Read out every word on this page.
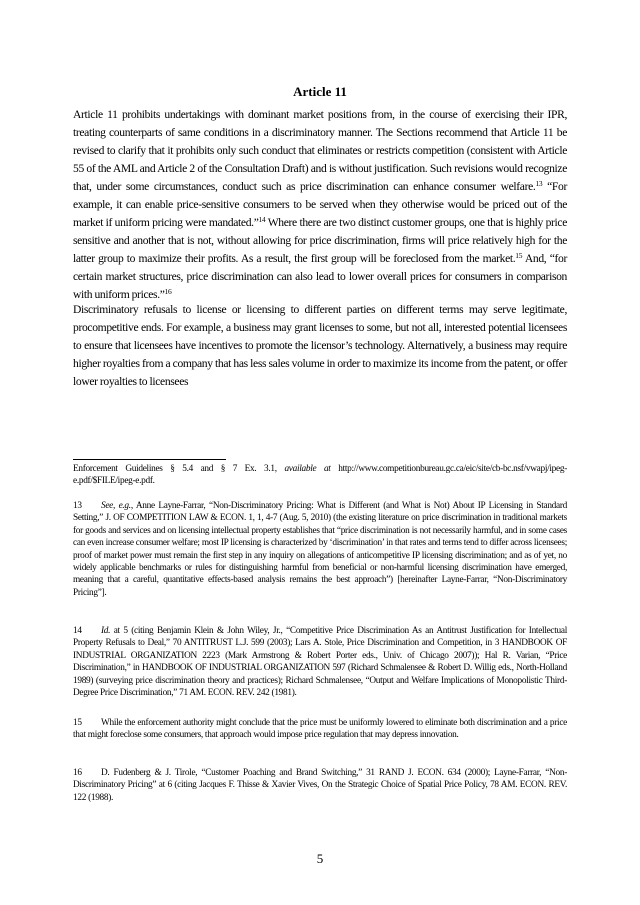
Article 11

Article 11 prohibits undertakings with dominant market positions from, in the course of exercising their IPR, treating counterparts of same conditions in a discriminatory manner. The Sections recommend that Article 11 be revised to clarify that it prohibits only such conduct that eliminates or restricts competition (consistent with Article 55 of the AML and Article 2 of the Consultation Draft) and is without justification. Such revisions would recognize that, under some circumstances, conduct such as price discrimination can enhance consumer welfare.$^{13}$ “For example, it can enable price-sensitive consumers to be served when they otherwise would be priced out of the market if uniform pricing were mandated.”$^{14}$ Where there are two distinct customer groups, one that is highly price sensitive and another that is not, without allowing for price discrimination, firms will price relatively high for the latter group to maximize their profits. As a result, the first group will be foreclosed from the market.$^{15}$ And, “for certain market structures, price discrimination can also lead to lower overall prices for consumers in comparison with uniform prices.”$^{16}$

Discriminatory refusals to license or licensing to different parties on different terms may serve legitimate, procompetitive ends. For example, a business may grant licenses to some, but not all, interested potential licensees to ensure that licensees have incentives to promote the licensor’s technology. Alternatively, a business may require higher royalties from a company that has less sales volume in order to maximize its income from the patent, or offer lower royalties to licensees

Enforcement Guidelines § 5.4 and § 7 Ex. 3.1, available at http://www.competitionbureau.gc.ca/eic/site/cb-bc.nsf/vwapj/ipeg-e.pdf/$FILE/ipeg-e.pdf.

13 See, e.g., Anne Layne-Farrar, “Non-Discriminatory Pricing: What is Different (and What is Not) About IP Licensing in Standard Setting,” J. OF COMPETITION LAW & ECON. 1, 1, 4-7 (Aug. 5, 2010) (the existing literature on price discrimination in traditional markets for goods and services and on licensing intellectual property establishes that “price discrimination is not necessarily harmful, and in some cases can even increase consumer welfare; most IP licensing is characterized by ‘discrimination’ in that rates and terms tend to differ across licensees; proof of market power must remain the first step in any inquiry on allegations of anticompetitive IP licensing discrimination; and as of yet, no widely applicable benchmarks or rules for distinguishing harmful from beneficial or non-harmful licensing discrimination have emerged, meaning that a careful, quantitative effects-based analysis remains the best approach”) [hereinafter Layne-Farrar, “Non-Discriminatory Pricing”].

14 Id. at 5 (citing Benjamin Klein & John Wiley, Jr., “Competitive Price Discrimination As an Antitrust Justification for Intellectual Property Refusals to Deal,” 70 ANTITRUST L.J. 599 (2003); Lars A. Stole, Price Discrimination and Competition, in 3 HANDBOOK OF INDUSTRIAL ORGANIZATION 2223 (Mark Armstrong & Robert Porter eds., Univ. of Chicago 2007)); Hal R. Varian, “Price Discrimination,” in HANDBOOK OF INDUSTRIAL ORGANIZATION 597 (Richard Schmalensee & Robert D. Willig eds., North-Holland 1989) (surveying price discrimination theory and practices); Richard Schmalensee, “Output and Welfare Implications of Monopolistic Third-Degree Price Discrimination,” 71 AM. ECON. REV. 242 (1981).

15 While the enforcement authority might conclude that the price must be uniformly lowered to eliminate both discrimination and a price that might foreclose some consumers, that approach would impose price regulation that may depress innovation.

16 D. Fudenberg & J. Tirole, “Customer Poaching and Brand Switching,” 31 RAND J. ECON. 634 (2000); Layne-Farrar, “Non-Discriminatory Pricing” at 6 (citing Jacques F. Thisse & Xavier Vives, On the Strategic Choice of Spatial Price Policy, 78 AM. ECON. REV. 122 (1988).

5
